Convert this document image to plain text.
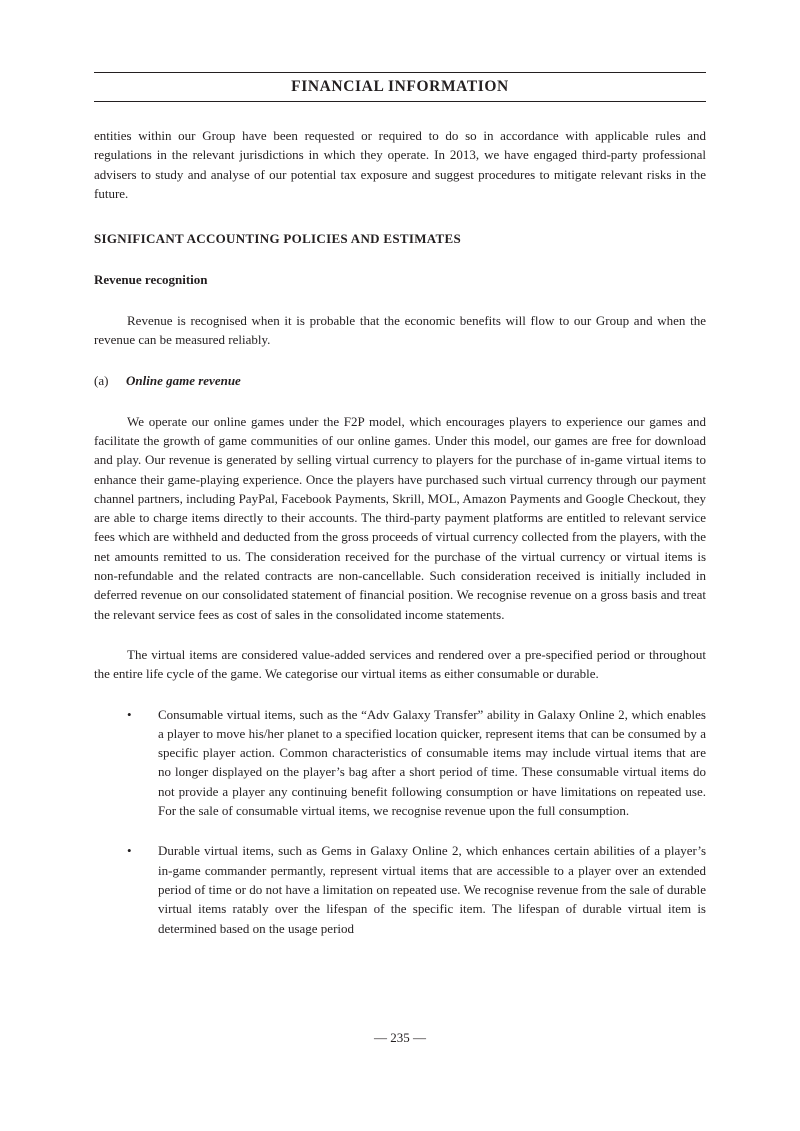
FINANCIAL INFORMATION

entities within our Group have been requested or required to do so in accordance with applicable rules and regulations in the relevant jurisdictions in which they operate. In 2013, we have engaged third-party professional advisers to study and analyse of our potential tax exposure and suggest procedures to mitigate relevant risks in the future.

SIGNIFICANT ACCOUNTING POLICIES AND ESTIMATES
Revenue recognition

Revenue is recognised when it is probable that the economic benefits will flow to our Group and when the revenue can be measured reliably.

(a) Online game revenue

We operate our online games under the F2P model, which encourages players to experience our games and facilitate the growth of game communities of our online games. Under this model, our games are free for download and play. Our revenue is generated by selling virtual currency to players for the purchase of in-game virtual items to enhance their game-playing experience. Once the players have purchased such virtual currency through our payment channel partners, including PayPal, Facebook Payments, Skrill, MOL, Amazon Payments and Google Checkout, they are able to charge items directly to their accounts. The third-party payment platforms are entitled to relevant service fees which are withheld and deducted from the gross proceeds of virtual currency collected from the players, with the net amounts remitted to us. The consideration received for the purchase of the virtual currency or virtual items is non-refundable and the related contracts are non-cancellable. Such consideration received is initially included in deferred revenue on our consolidated statement of financial position. We recognise revenue on a gross basis and treat the relevant service fees as cost of sales in the consolidated income statements.

The virtual items are considered value-added services and rendered over a pre-specified period or throughout the entire life cycle of the game. We categorise our virtual items as either consumable or durable.

• Consumable virtual items, such as the “Adv Galaxy Transfer” ability in Galaxy Online 2, which enables a player to move his/her planet to a specified location quicker, represent items that can be consumed by a specific player action. Common characteristics of consumable items may include virtual items that are no longer displayed on the player’s bag after a short period of time. These consumable virtual items do not provide a player any continuing benefit following consumption or have limitations on repeated use. For the sale of consumable virtual items, we recognise revenue upon the full consumption.

• Durable virtual items, such as Gems in Galaxy Online 2, which enhances certain abilities of a player’s in-game commander permantly, represent virtual items that are accessible to a player over an extended period of time or do not have a limitation on repeated use. We recognise revenue from the sale of durable virtual items ratably over the lifespan of the specific item. The lifespan of durable virtual item is determined based on the usage period

— 235 —
